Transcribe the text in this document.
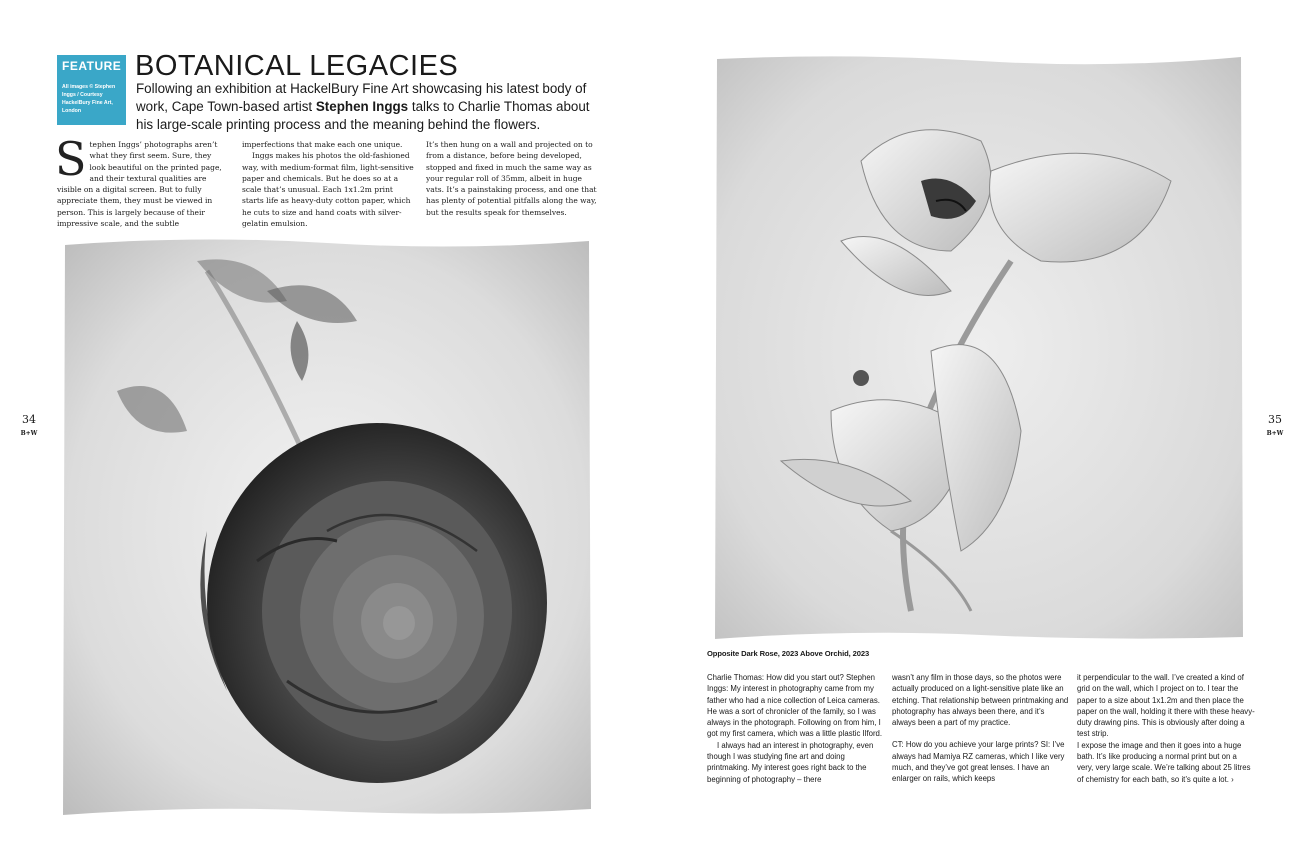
FEATURE
All images © Stephen Inggs / Courtesy HackelBury Fine Art, London
BOTANICAL LEGACIES

Following an exhibition at HackelBury Fine Art showcasing his latest body of work, Cape Town-based artist Stephen Inggs talks to Charlie Thomas about his large-scale printing process and the meaning behind the flowers.

Stephen Inggs’ photographs aren’t what they first seem. Sure, they look beautiful on the printed page, and their textural qualities are visible on a digital screen. But to fully appreciate them, they must be viewed in person. This is largely because of their impressive scale, and the subtle

imperfections that make each one unique.

Inggs makes his photos the old-fashioned way, with medium-format film, light-sensitive paper and chemicals. But he does so at a scale that’s unusual. Each 1x1.2m print starts life as heavy-duty cotton paper, which he cuts to size and hand coats with silver-gelatin emulsion.

It’s then hung on a wall and projected on to from a distance, before being developed, stopped and fixed in much the same way as your regular roll of 35mm, albeit in huge vats. It’s a painstaking process, and one that has plenty of potential pitfalls along the way, but the results speak for themselves.

34
B+W
35
B+W

Opposite Dark Rose, 2023 Above Orchid, 2023

Charlie Thomas: How did you start out? Stephen Inggs: My interest in photography came from my father who had a nice collection of Leica cameras. He was a sort of chronicler of the family, so I was always in the photograph. Following on from him, I got my first camera, which was a little plastic Ilford.

I always had an interest in photography, even though I was studying fine art and doing printmaking. My interest goes right back to the beginning of photography – there

wasn’t any film in those days, so the photos were actually produced on a light-sensitive plate like an etching. That relationship between printmaking and photography has always been there, and it’s always been a part of my practice.

CT: How do you achieve your large prints? SI: I’ve always had Mamiya RZ cameras, which I like very much, and they’ve got great lenses. I have an enlarger on rails, which keeps

it perpendicular to the wall. I’ve created a kind of grid on the wall, which I project on to. I tear the paper to a size about 1x1.2m and then place the paper on the wall, holding it there with these heavy-duty drawing pins. This is obviously after doing a test strip.

I expose the image and then it goes into a huge bath. It’s like producing a normal print but on a very, very large scale. We’re talking about 25 litres of chemistry for each bath, so it’s quite a lot. ›
